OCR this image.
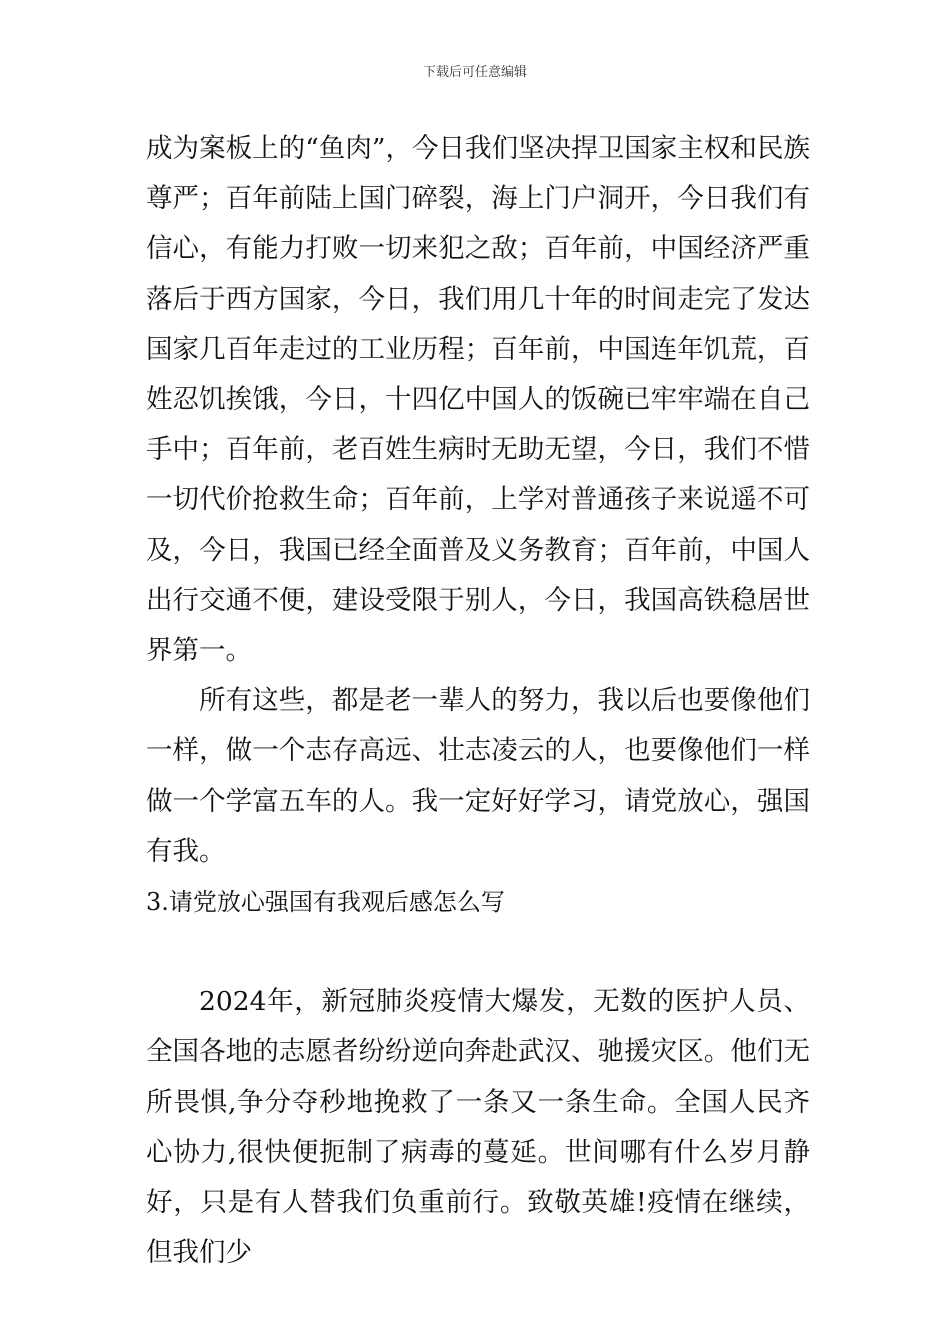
下载后可任意编辑

成为案板上的“鱼肉”，今日我们坚决捍卫国家主权和民族尊严；百年前陆上国门碎裂，海上门户洞开，今日我们有信心，有能力打败一切来犯之敌；百年前，中国经济严重落后于西方国家，今日，我们用几十年的时间走完了发达国家几百年走过的工业历程；百年前，中国连年饥荒，百姓忍饥挨饿，今日，十四亿中国人的饭碗已牢牢端在自己手中；百年前，老百姓生病时无助无望，今日，我们不惜一切代价抢救生命；百年前，上学对普通孩子来说遥不可及，今日，我国已经全面普及义务教育；百年前，中国人出行交通不便，建设受限于别人，今日，我国高铁稳居世界第一。

所有这些，都是老一辈人的努力，我以后也要像他们一样，做一个志存高远、壮志凌云的人，也要像他们一样做一个学富五车的人。我一定好好学习，请党放心，强国有我。

3.请党放心强国有我观后感怎么写

2024年，新冠肺炎疫情大爆发，无数的医护人员、全国各地的志愿者纷纷逆向奔赴武汉、驰援灾区。他们无所畏惧,争分夺秒地挽救了一条又一条生命。全国人民齐心协力,很快便扼制了病毒的蔓延。世间哪有什么岁月静好，只是有人替我们负重前行。致敬英雄!疫情在继续，但我们少
